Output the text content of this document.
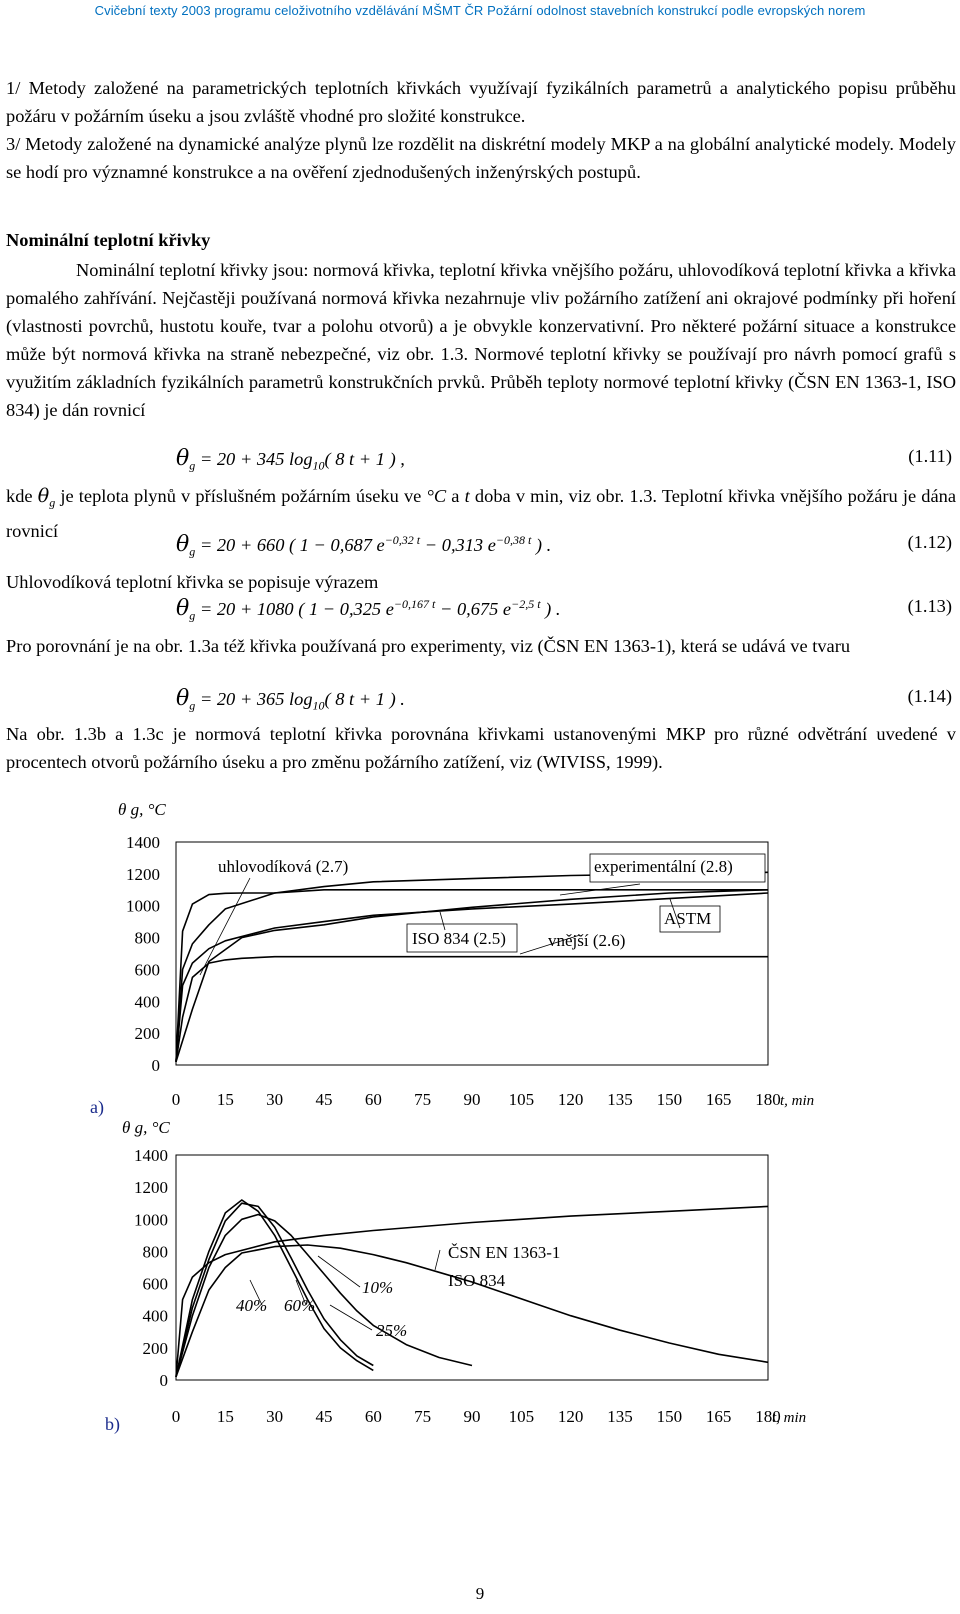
Cvičební texty 2003 programu celoživotního vzdělávání MŠMT ČR Požární odolnost stavebních konstrukcí podle evropských norem

1/ Metody založené na parametrických teplotních křivkách využívají fyzikálních parametrů a analytického popisu průběhu požáru v požárním úseku a jsou zvláště vhodné pro složité konstrukce.

3/ Metody založené na dynamické analýze plynů lze rozdělit na diskrétní modely MKP a na globální analytické modely. Modely se hodí pro významné konstrukce a na ověření zjednodušených inženýrských postupů.

Nominální teplotní křivky

Nominální teplotní křivky jsou: normová křivka, teplotní křivka vnějšího požáru, uhlovodíková teplotní křivka a křivka pomalého zahřívání. Nejčastěji používaná normová křivka nezahrnuje vliv požárního zatížení ani okrajové podmínky při hoření (vlastnosti povrchů, hustotu kouře, tvar a polohu otvorů) a je obvykle konzervativní. Pro některé požární situace a konstrukce může být normová křivka na straně nebezpečné, viz obr. 1.3. Normové teplotní křivky se používají pro návrh pomocí grafů s využitím základních fyzikálních parametrů konstrukčních prvků. Průběh teploty normové teplotní křivky (ČSN EN 1363-1, ISO 834) je dán rovnicí

$\theta_g = 20 + 345$ $\log_{10}$( 8 t + 1 ) ,	(1.11)

kde $\theta_g$ je teplota plynů v příslušném požárním úseku ve °C a t doba v min, viz obr. 1.3. Teplotní křivka vnějšího požáru je dána rovnicí

$\theta_g = 20 + 660$ ( 1 − 0,687 $e^{-0,32 t} - 0,313$ $e^{-0,38 t}$ ) .	(1.12)

Uhlovodíková teplotní křivka se popisuje výrazem

$\theta_g = 20 + 1080$ ( 1 − 0,325 $e^{-0,167 t} - 0,675$ $e^{-2,5 t}$ ) .	(1.13)

Pro porovnání je na obr. 1.3a též křivka používaná pro experimenty, viz (ČSN EN 1363-1), která se udává ve tvaru

$\theta_g = 20 + 365$ $\log_{10}$( 8 t + 1 ) .	(1.14)

Na obr. 1.3b a 1.3c je normová teplotní křivka porovnána křivkami ustanovenými MKP pro různé odvětrání uvedené v procentech otvorů požárního úseku a pro změnu požárního zatížení, viz (WIVISS, 1999).

0
200
400
600
800
1000
1200
1400
0 15 30 45 60 75 90 105 120 135 150 165 180
θ g, °C
t, min
a)
uhlovodíková (2.7)	experimentální (2.8)
ISO 834 (2.5)
ASTM
vnější (2.6)
0
200
400
600
800
1000
1200
1400
0 15 30 45 60 75 90 105 120 135 150 165 180
θ g, °C
t, min
b)
ČSN EN 1363-1
ISO 834
40% 60%
10%
25%
9
